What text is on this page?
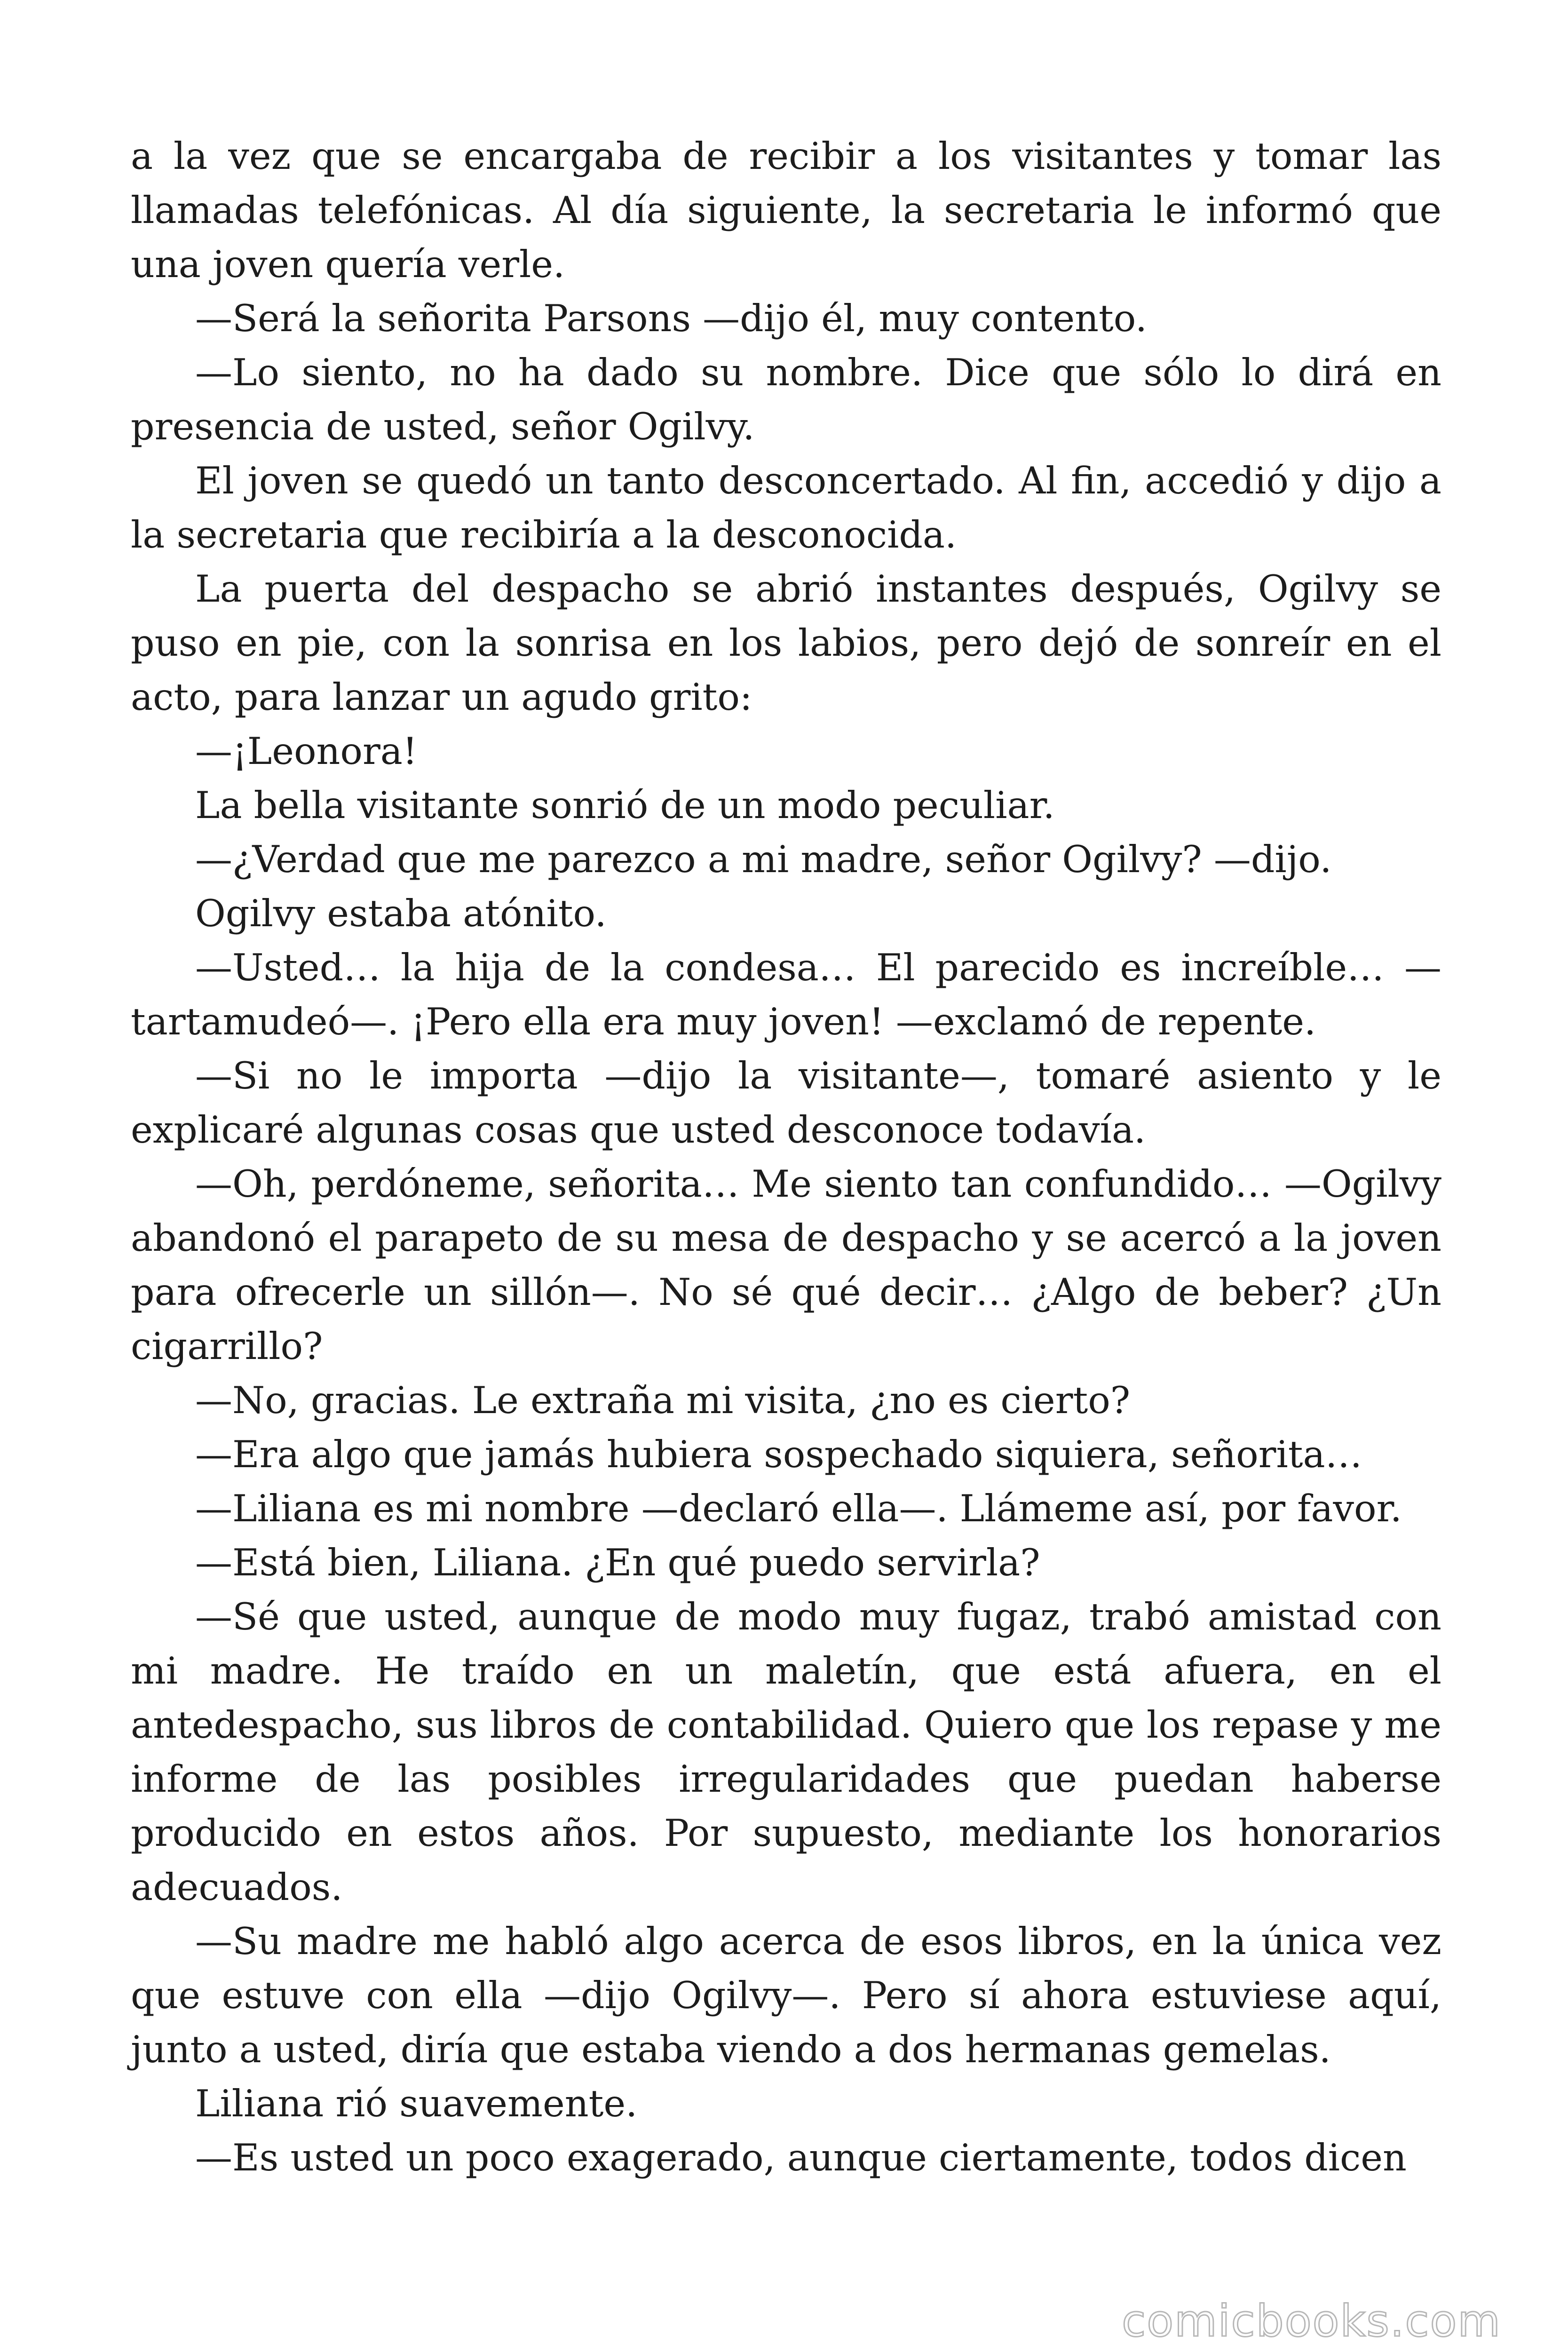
a la vez que se encargaba de recibir a los visitantes y tomar las llamadas telefónicas. Al día siguiente, la secretaria le informó que una joven quería verle.

—Será la señorita Parsons —dijo él, muy contento.

—Lo siento, no ha dado su nombre. Dice que sólo lo dirá en presencia de usted, señor Ogilvy.

El joven se quedó un tanto desconcertado. Al fin, accedió y dijo a la secretaria que recibiría a la desconocida.

La puerta del despacho se abrió instantes después, Ogilvy se puso en pie, con la sonrisa en los labios, pero dejó de sonreír en el acto, para lanzar un agudo grito:

—¡Leonora!

La bella visitante sonrió de un modo peculiar.

—¿Verdad que me parezco a mi madre, señor Ogilvy? —dijo.

Ogilvy estaba atónito.

—Usted… la hija de la condesa… El parecido es increíble… —tartamudeó—. ¡Pero ella era muy joven! —exclamó de repente.

—Si no le importa —dijo la visitante—, tomaré asiento y le explicaré algunas cosas que usted desconoce todavía.

—Oh, perdóneme, señorita… Me siento tan confundido… —Ogilvy abandonó el parapeto de su mesa de despacho y se acercó a la joven para ofrecerle un sillón—. No sé qué decir… ¿Algo de beber? ¿Un cigarrillo?

—No, gracias. Le extraña mi visita, ¿no es cierto?

—Era algo que jamás hubiera sospechado siquiera, señorita…

—Liliana es mi nombre —declaró ella—. Llámeme así, por favor.

—Está bien, Liliana. ¿En qué puedo servirla?

—Sé que usted, aunque de modo muy fugaz, trabó amistad con mi madre. He traído en un maletín, que está afuera, en el antedespacho, sus libros de contabilidad. Quiero que los repase y me informe de las posibles irregularidades que puedan haberse producido en estos años. Por supuesto, mediante los honorarios adecuados.

—Su madre me habló algo acerca de esos libros, en la única vez que estuve con ella —dijo Ogilvy—. Pero sí ahora estuviese aquí, junto a usted, diría que estaba viendo a dos hermanas gemelas.

Liliana rió suavemente.

—Es usted un poco exagerado, aunque ciertamente, todos dicen

comicbooks.com
